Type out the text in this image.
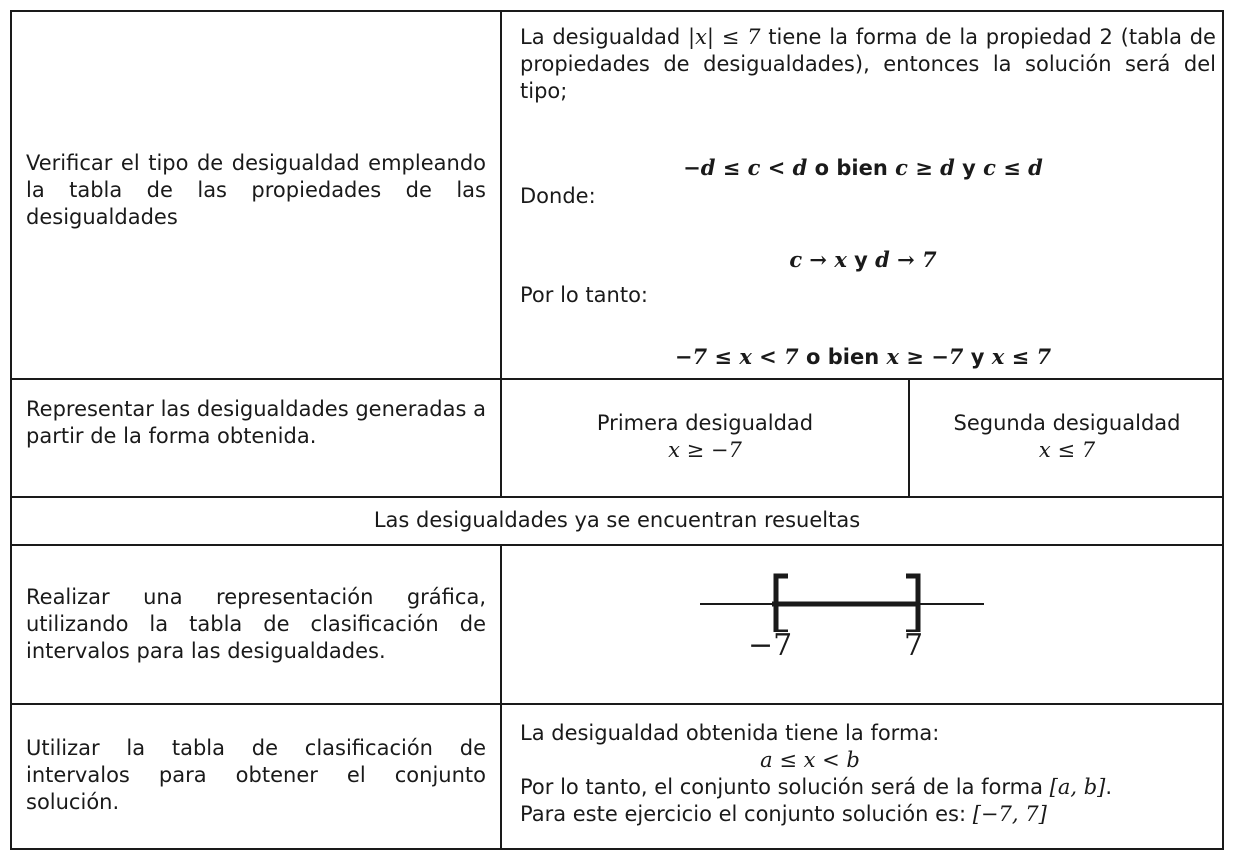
Verificar el tipo de desigualdad empleando la tabla de las propiedades de las desigualdades
La desigualdad |x| ≤ 7 tiene la forma de la propiedad 2 (tabla de propiedades de desigualdades), entonces la solución será del tipo;
−d ≤ c < d o bien c ≥ d y c ≤ d
Donde:
c → x y d → 7
Por lo tanto:
−7 ≤ x < 7 o bien x ≥ −7 y x ≤ 7
Representar las desigualdades generadas a partir de la forma obtenida.
Primera desigualdad
x ≥ −7
Segunda desigualdad
x ≤ 7
Las desigualdades ya se encuentran resueltas
Realizar una representación gráfica, utilizando la tabla de clasificación de intervalos para las desigualdades.	−7	7
Utilizar la tabla de clasificación de intervalos para obtener el conjunto solución.
La desigualdad obtenida tiene la forma:
a ≤ x < b
Por lo tanto, el conjunto solución será de la forma [a, b].
Para este ejercicio el conjunto solución es: [−7, 7]
